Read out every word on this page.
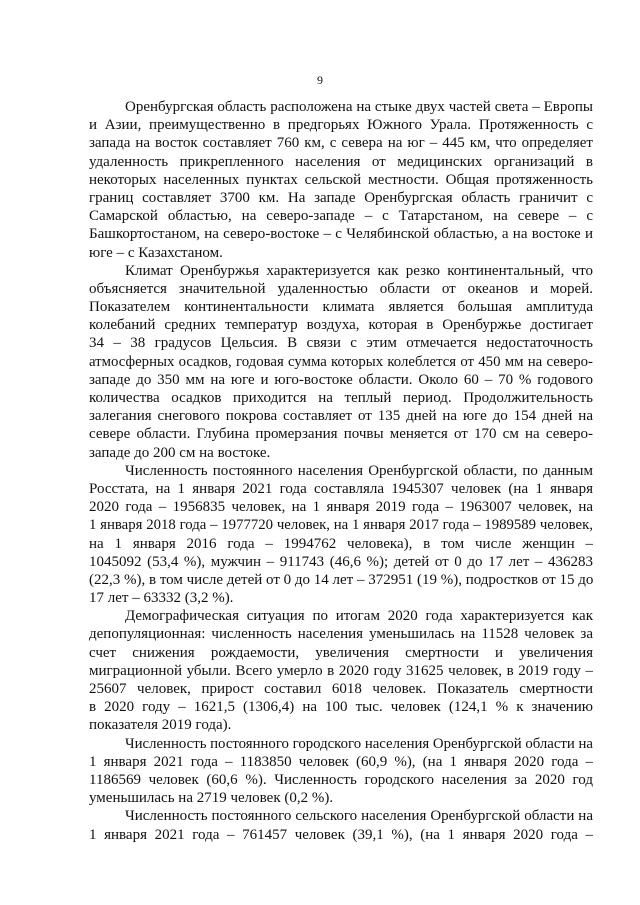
9
Оренбургская область расположена на стыке двух частей света – Европы
и Азии, преимущественно в предгорьях Южного Урала. Протяженность с
запада на восток составляет 760 км, с севера на юг – 445 км, что определяет
удаленность прикрепленного населения от медицинских организаций в
некоторых населенных пунктах сельской местности. Общая протяженность
границ составляет 3700 км. На западе Оренбургская область граничит с
Самарской областью, на северо-западе – с Татарстаном, на севере – с
Башкортостаном, на северо-востоке – с Челябинской областью, а на востоке и
юге – с Казахстаном.
Климат Оренбуржья характеризуется как резко континентальный, что
объясняется значительной удаленностью области от океанов и морей.
Показателем континентальности климата является большая амплитуда
колебаний средних температур воздуха, которая в Оренбуржье достигает
34 – 38 градусов Цельсия. В связи с этим отмечается недостаточность
атмосферных осадков, годовая сумма которых колеблется от 450 мм на северо-
западе до 350 мм на юге и юго-востоке области. Около 60 – 70 % годового
количества осадков приходится на теплый период. Продолжительность
залегания снегового покрова составляет от 135 дней на юге до 154 дней на
севере области. Глубина промерзания почвы меняется от 170 см на северо-
западе до 200 см на востоке.
Численность постоянного населения Оренбургской области, по данным
Росстата, на 1 января 2021 года составляла 1945307 человек (на 1 января
2020 года – 1956835 человек, на 1 января 2019 года – 1963007 человек, на
1 января 2018 года – 1977720 человек, на 1 января 2017 года – 1989589 человек,
на 1 января 2016 года – 1994762 человека), в том числе женщин –
1045092 (53,4 %), мужчин – 911743 (46,6 %); детей от 0 до 17 лет – 436283
(22,3 %), в том числе детей от 0 до 14 лет – 372951 (19 %), подростков от 15 до
17 лет – 63332 (3,2 %).
Демографическая ситуация по итогам 2020 года характеризуется как
депопуляционная: численность населения уменьшилась на 11528 человек за
счет снижения рождаемости, увеличения смертности и увеличения
миграционной убыли. Всего умерло в 2020 году 31625 человек, в 2019 году –
25607 человек, прирост составил 6018 человек. Показатель смертности
в 2020 году – 1621,5 (1306,4) на 100 тыс. человек (124,1 % к значению
показателя 2019 года).
Численность постоянного городского населения Оренбургской области на
1 января 2021 года – 1183850 человек (60,9 %), (на 1 января 2020 года –
1186569 человек (60,6 %). Численность городского населения за 2020 год
уменьшилась на 2719 человек (0,2 %).
Численность постоянного сельского населения Оренбургской области на
1 января 2021 года – 761457 человек (39,1 %), (на 1 января 2020 года –
